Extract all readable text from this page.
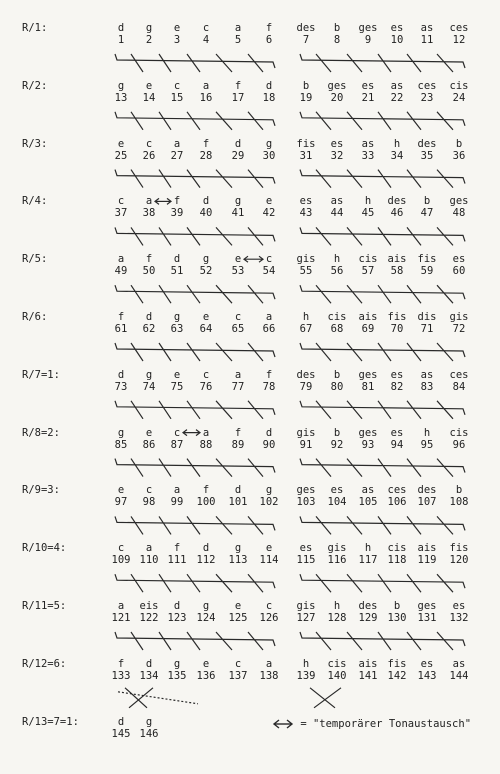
R/1:	d	g	e	c	a	f	des	b	ges	es	as	ces
1	2	3	4	5	6	7	8	9	10	11	12
R/2:	g	e	c	a	f	d	b	ges	es	as	ces	cis
13	14	15	16	17	18	19	20	21	22	23	24
R/3:	e	c	a	f	d	g	fis	es	as	h	des	b
25	26	27	28	29	30	31	32	33	34	35	36
R/4:	c	a	f	d	g	e	es	as	h	des	b	ges
37	38	39	40	41	42	43	44	45	46	47	48
R/5:	a	f	d	g	e	c	gis	h	cis ais	fis	es
49	50	51	52	53	54	55	56	57	58	59	60
R/6:	f	d	g	e	c	a	h	cis	ais fis	dis	gis
61	62	63	64	65	66	67	68	69	70	71	72
R/7=1:	d	g	e	c	a	f	des	b	ges	es	as	ces
73	74	75	76	77	78	79	80	81	82	83	84
R/8=2:	g	e	c	a	f	d	gis	b	ges	es	h	cis
85	86	87	88	89	90	91	92	93	94	95	96
R/9=3:	e	c	a	f	d	g	ges	es	as	ces	des	b
97	98	99	100	101	102	103	104	105 106	107	108
R/10=4:	c	a	f	d	g	e	es	gis	h	cis	ais	fis
109 110 111 112	113	114	115	116	117 118	119	120
R/11=5:	a	eis	d	g	e	c	gis	h	des	b	ges	es
121 122 123 124	125	126	127	128	129 130	131	132
R/12=6:	f	d	g	e	c	a	h	cis	ais fis	es	as
133 134 135 136	137	138	139	140	141 142	143	144
R/13=7=1:	d	g
145 146
= "temporärer Tonaustausch"
